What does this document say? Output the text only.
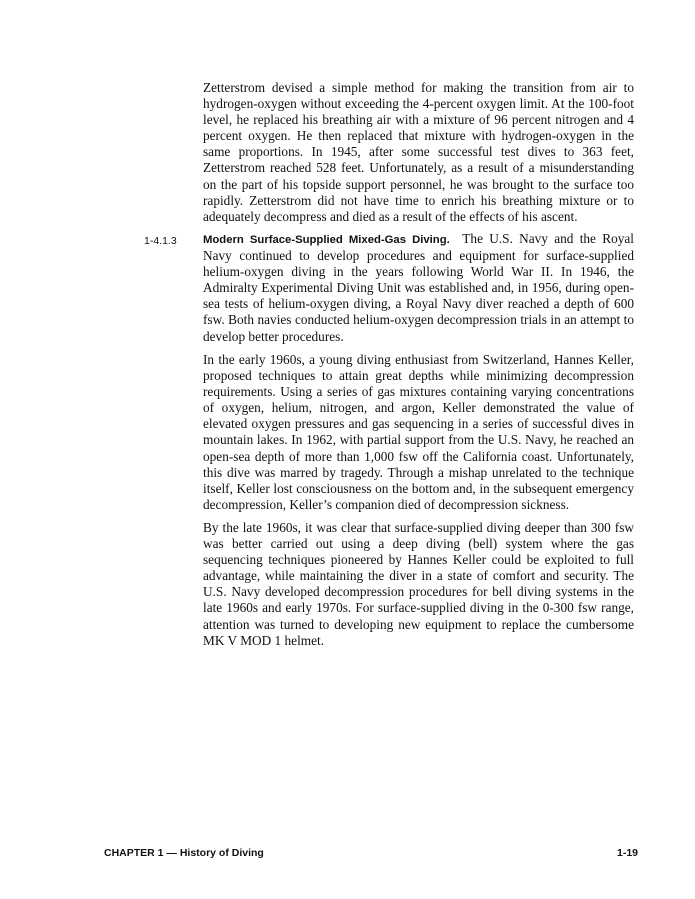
Zetterstrom devised a simple method for making the transition from air to hydrogen-oxygen without exceeding the 4-percent oxygen limit. At the 100-foot level, he replaced his breathing air with a mixture of 96 percent nitrogen and 4 percent oxygen. He then replaced that mixture with hydrogen-oxygen in the same proportions. In 1945, after some successful test dives to 363 feet, Zetterstrom reached 528 feet. Unfortunately, as a result of a misunderstanding on the part of his topside support personnel, he was brought to the surface too rapidly. Zetterstrom did not have time to enrich his breathing mixture or to adequately decompress and died as a result of the effects of his ascent.

1-4.1.3 Modern Surface-Supplied Mixed-Gas Diving. The U.S. Navy and the Royal Navy continued to develop procedures and equipment for surface-supplied helium-oxygen diving in the years following World War II. In 1946, the Admiralty Experimental Diving Unit was established and, in 1956, during open-sea tests of helium-oxygen diving, a Royal Navy diver reached a depth of 600 fsw. Both navies conducted helium-oxygen decompression trials in an attempt to develop better procedures.

In the early 1960s, a young diving enthusiast from Switzerland, Hannes Keller, proposed techniques to attain great depths while minimizing decompression requirements. Using a series of gas mixtures containing varying concentrations of oxygen, helium, nitrogen, and argon, Keller demonstrated the value of elevated oxygen pressures and gas sequencing in a series of successful dives in mountain lakes. In 1962, with partial support from the U.S. Navy, he reached an open-sea depth of more than 1,000 fsw off the California coast. Unfortunately, this dive was marred by tragedy. Through a mishap unrelated to the technique itself, Keller lost consciousness on the bottom and, in the subsequent emergency decompression, Keller’s companion died of decompression sickness.

By the late 1960s, it was clear that surface-supplied diving deeper than 300 fsw was better carried out using a deep diving (bell) system where the gas sequencing techniques pioneered by Hannes Keller could be exploited to full advantage, while maintaining the diver in a state of comfort and security. The U.S. Navy developed decompression procedures for bell diving systems in the late 1960s and early 1970s. For surface-supplied diving in the 0-300 fsw range, attention was turned to developing new equipment to replace the cumbersome MK V MOD 1 helmet.

CHAPTER 1 — History of Diving	1-19
